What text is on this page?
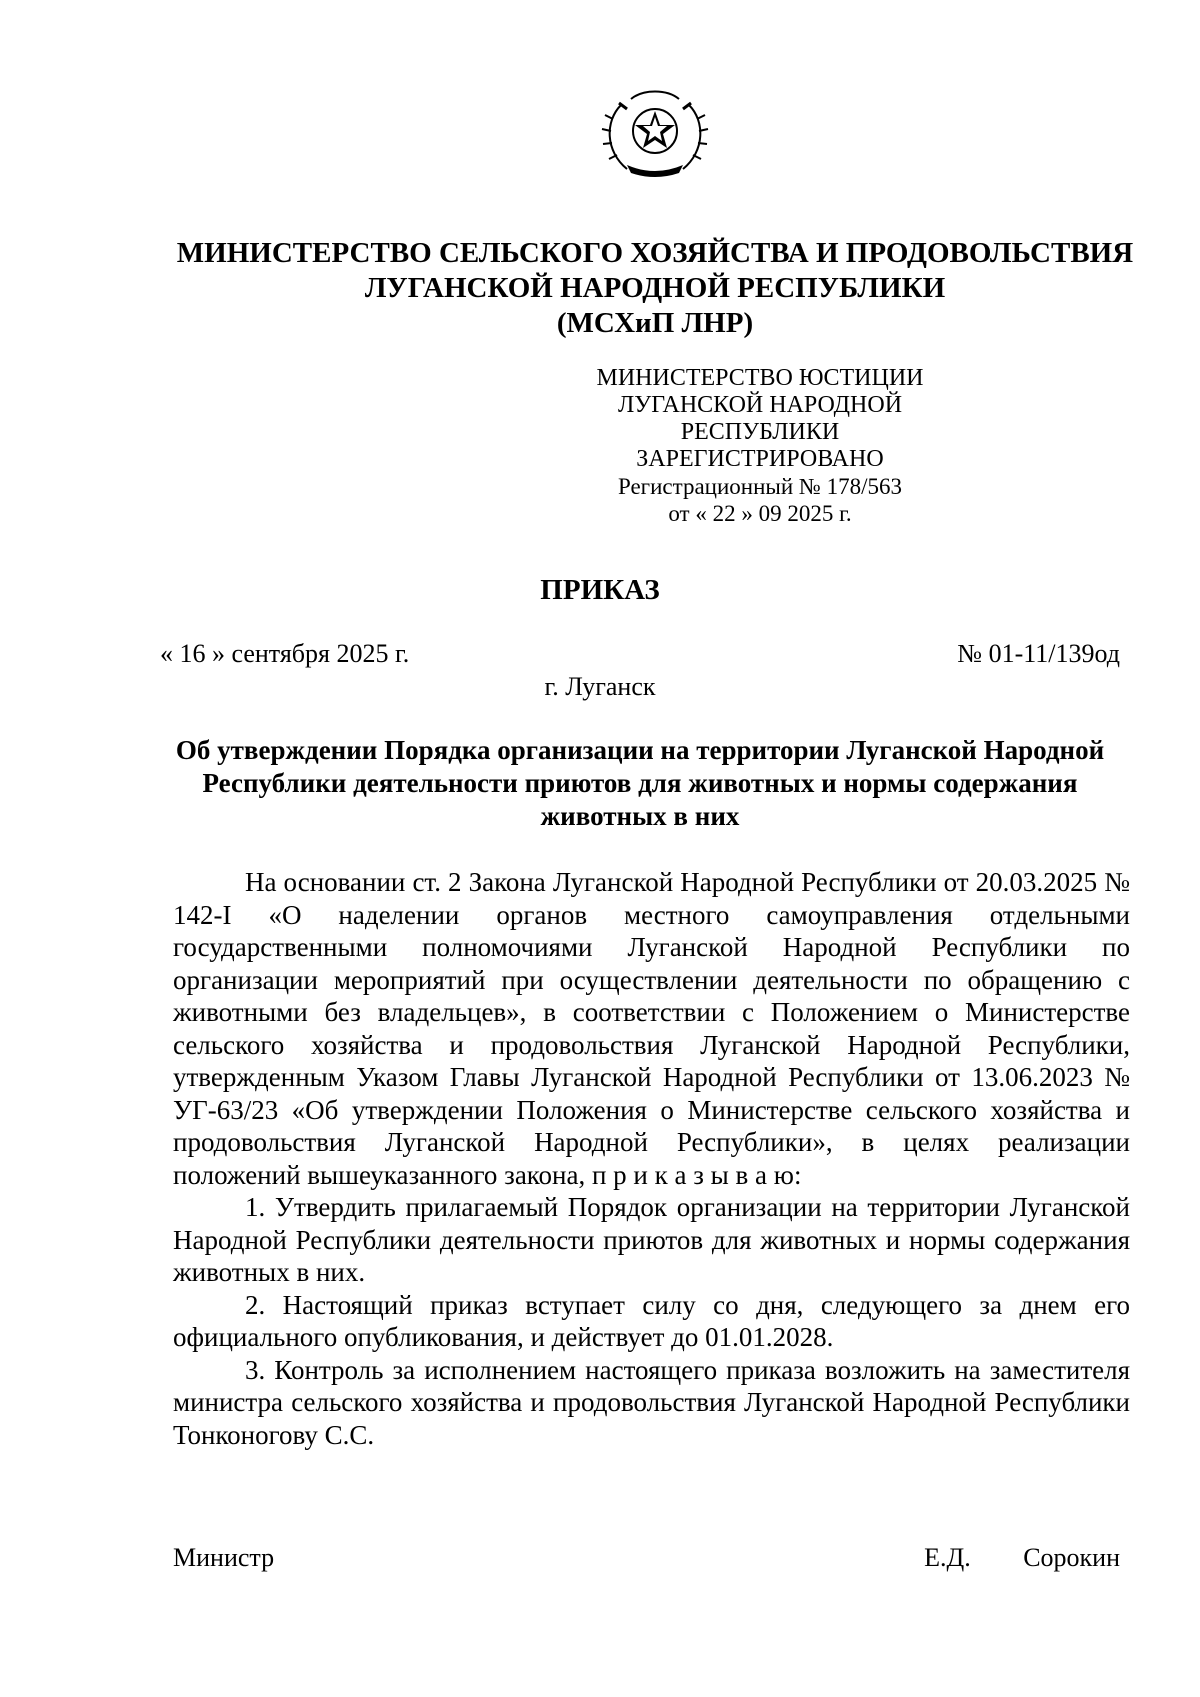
МИНИСТЕРСТВО СЕЛЬСКОГО ХОЗЯЙСТВА И ПРОДОВОЛЬСТВИЯ
ЛУГАНСКОЙ НАРОДНОЙ РЕСПУБЛИКИ
(МСХиП ЛНР)
МИНИСТЕРСТВО ЮСТИЦИИ
ЛУГАНСКОЙ НАРОДНОЙ РЕСПУБЛИКИ
ЗАРЕГИСТРИРОВАНО
Регистрационный № 178/563
от « 22 » 09 2025 г.
ПРИКАЗ
« 16 » сентября 2025 г.	№ 01-11/139од
г. Луганск
Об утверждении Порядка организации на территории Луганской Народной Республики деятельности приютов для животных и нормы содержания животных в них

На основании ст. 2 Закона Луганской Народной Республики от 20.03.2025 № 142-I «О наделении органов местного самоуправления отдельными государственными полномочиями Луганской Народной Республики по организации мероприятий при осуществлении деятельности по обращению с животными без владельцев», в соответствии с Положением о Министерстве сельского хозяйства и продовольствия Луганской Народной Республики, утвержденным Указом Главы Луганской Народной Республики от 13.06.2023 № УГ-63/23 «Об утверждении Положения о Министерстве сельского хозяйства и продовольствия Луганской Народной Республики», в целях реализации положений вышеуказанного закона, п р и к а з ы в а ю:

1. Утвердить прилагаемый Порядок организации на территории Луганской Народной Республики деятельности приютов для животных и нормы содержания животных в них.

2. Настоящий приказ вступает силу со дня, следующего за днем его официального опубликования, и действует до 01.01.2028.

3. Контроль за исполнением настоящего приказа возложить на заместителя министра сельского хозяйства и продовольствия Луганской Народной Республики Тонконогову С.С.

Министр	Е.Д. Сорокин
